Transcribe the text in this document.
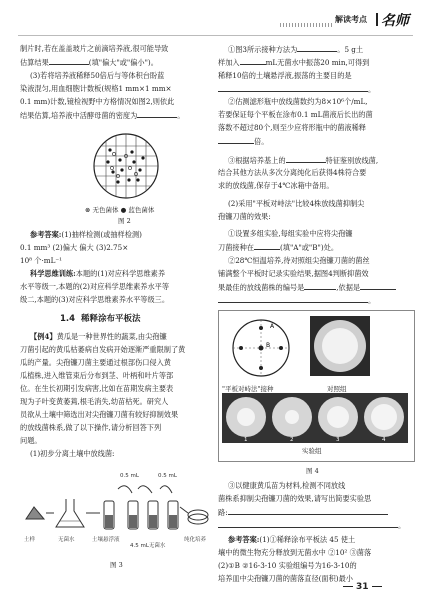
解读考点 名师
制片时,若在盖盖玻片之前滴培养液,很可能导致
估算结果	(填"偏大"或"偏小")。
(3)若将培养液稀释50倍后与等体积台盼蓝
染液混匀,用血细胞计数板(规格1 mm×1 mm×
0.1 mm)计数,镜检视野中方格情况如图2,则依此
结果估算,培养液中活酵母菌的密度为	。
⊗ 无色菌体 ● 蓝色菌体
图 2
参考答案:(1)抽样检测(或抽样检测)
0.1 mm³ (2)偏大 偏大 (3)2.75×
10⁸ 个·mL⁻¹
科学思维训练:本题的(1)对应科学思维素养
水平等级一,本题的(2)对应科学思维素养水平等
级二,本题的(3)对应科学思维素养水平等级三。
1.4 稀释涂布平板法
【例4】黄瓜是一种世界性的蔬菜,由尖孢镰
刀菌引起的黄瓜枯萎病自发病开始逐渐严重限制了黄
瓜的产量。尖孢镰刀菌主要通过根部伤口侵入黄
瓜植株,进入维管束后分布到茎、叶柄和叶片等部
位。在生长初期引发病害,比如在苗期发病主要表
现为子叶变黄萎蔫,根毛消失,幼苗枯死。研究人
员欲从土壤中筛选出对尖孢镰刀菌有较好抑制效果
的放线菌株系,做了以下操作,请分析回答下列
问题。
(1)初步分离土壤中放线菌:
土样	无菌水	土壤悬浮液
4.5 mL无菌水
纯化培养
0.5 mL	0.5 mL
图 3
①图3所示接种方法为	。5 g土
样加入	mL无菌水中振荡20 min,可得到
稀释10倍的土壤悬浮液,振荡的主要目的是
。
②估测滤形瓶中放线菌数约为8×10⁶个/mL,
若要保证每个平板在涂布0.1 mL菌液后长出的菌
落数不超过80个,则至少应将形瓶中的菌液稀释
倍。
③根据培养基上的	特征鉴别放线菌,
结合其他方法从多次分离纯化后获得4株符合要
求的放线菌,保存于4℃冰箱中备用。
(2)采用"平板对峙法"比较4株放线菌抑制尖
孢镰刀菌的效果:
①设置多组实验,每组实验中应将尖孢镰
刀菌接种在	(填"A"或"B")处。
②28℃恒温培养,待对照组尖孢镰刀菌的菌丝
铺满整个平板时记录实验结果,据图4判断抑菌效
果最佳的放线菌株的编号是	,依据是
。
A
B
"平板对峙法"接种	对照组
1	2	3	4
实验组
图 4
③以健康黄瓜苗为材料,检测不同放线
菌株系抑制尖孢镰刀菌的效果,请写出简要实验思
路:
。
参考答案:(1)①稀释涂布平板法 45 使土
壤中的微生物充分释放到无菌水中 ②10² ③菌落
(2)①B ②16-3-10 实验组编号为16-3-10的
培养皿中尖孢镰刀菌的菌落直径(面积)最小
31
